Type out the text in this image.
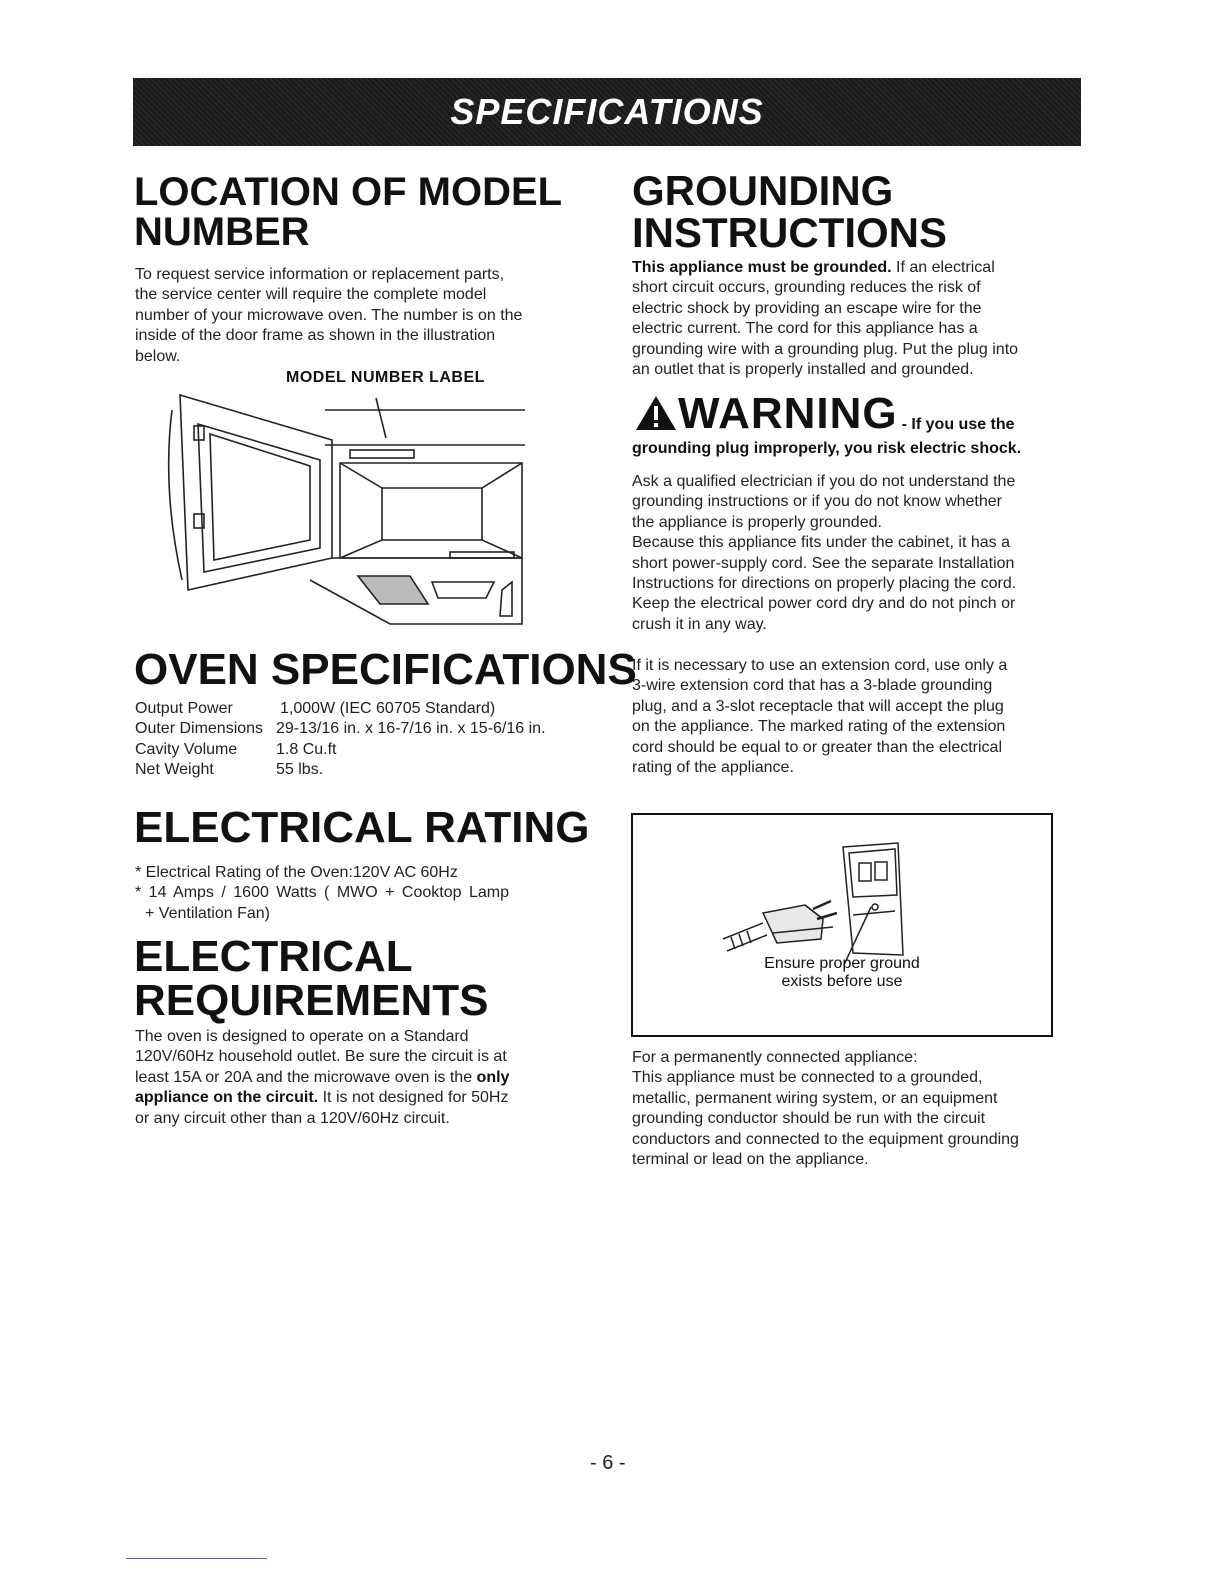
SPECIFICATIONS
LOCATION OF MODEL
NUMBER
To request service information or replacement parts,
the service center will require the complete model
number of your microwave oven. The number is on the
inside of the door frame as shown in the illustration
below.
MODEL NUMBER LABEL
OVEN SPECIFICATIONS
Output Power	1,000W (IEC 60705 Standard)
Outer Dimensions 29-13/16 in. x 16-7/16 in. x 15-6/16 in.
Cavity Volume	1.8 Cu.ft
Net Weight	55 lbs.
ELECTRICAL RATING
* Electrical Rating of the Oven:120V AC 60Hz
* 14 Amps / 1600 Watts ( MWO + Cooktop Lamp
+ Ventilation Fan)
ELECTRICAL
REQUIREMENTS
The oven is designed to operate on a Standard
120V/60Hz household outlet. Be sure the circuit is at
least 15A or 20A and the microwave oven is the only
appliance on the circuit. It is not designed for 50Hz
or any circuit other than a 120V/60Hz circuit.
GROUNDING
INSTRUCTIONS
This appliance must be grounded. If an electrical
short circuit occurs, grounding reduces the risk of
electric shock by providing an escape wire for the
electric current. The cord for this appliance has a
grounding wire with a grounding plug. Put the plug into
an outlet that is properly installed and grounded.
WARNING - If you use the
grounding plug improperly, you risk electric shock.
Ask a qualified electrician if you do not understand the
grounding instructions or if you do not know whether
the appliance is properly grounded.
Because this appliance fits under the cabinet, it has a
short power-supply cord. See the separate Installation
Instructions for directions on properly placing the cord.
Keep the electrical power cord dry and do not pinch or
crush it in any way.
If it is necessary to use an extension cord, use only a
3-wire extension cord that has a 3-blade grounding
plug, and a 3-slot receptacle that will accept the plug
on the appliance. The marked rating of the extension
cord should be equal to or greater than the electrical
rating of the appliance.
Ensure proper ground
exists before use
For a permanently connected appliance:
This appliance must be connected to a grounded,
metallic, permanent wiring system, or an equipment
grounding conductor should be run with the circuit
conductors and connected to the equipment grounding
terminal or lead on the appliance.
- 6 -
